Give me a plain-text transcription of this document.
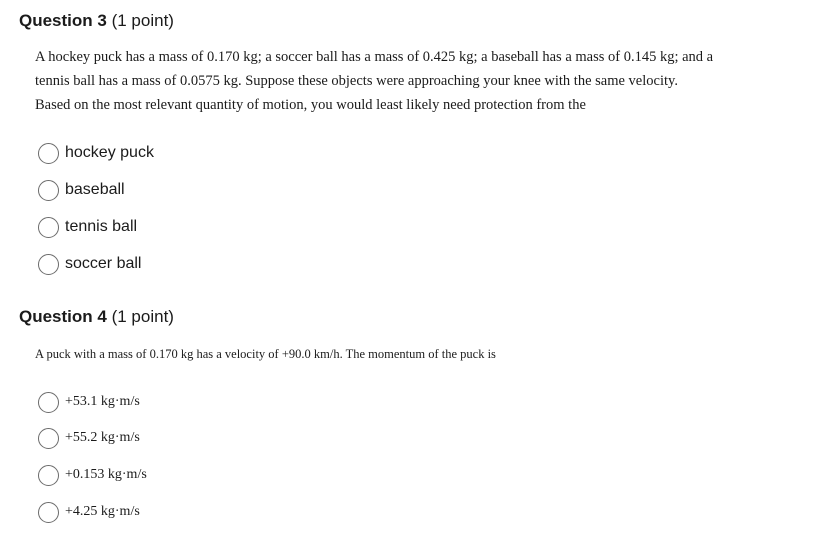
Question 3 (1 point)
A hockey puck has a mass of 0.170 kg; a soccer ball has a mass of 0.425 kg; a baseball has a mass of 0.145 kg; and a
tennis ball has a mass of 0.0575 kg. Suppose these objects were approaching your knee with the same velocity.
Based on the most relevant quantity of motion, you would least likely need protection from the
hockey puck
baseball
tennis ball
soccer ball
Question 4 (1 point)
A puck with a mass of 0.170 kg has a velocity of +90.0 km/h. The momentum of the puck is
+53.1 kg·m/s
+55.2 kg·m/s
+0.153 kg·m/s
+4.25 kg·m/s
